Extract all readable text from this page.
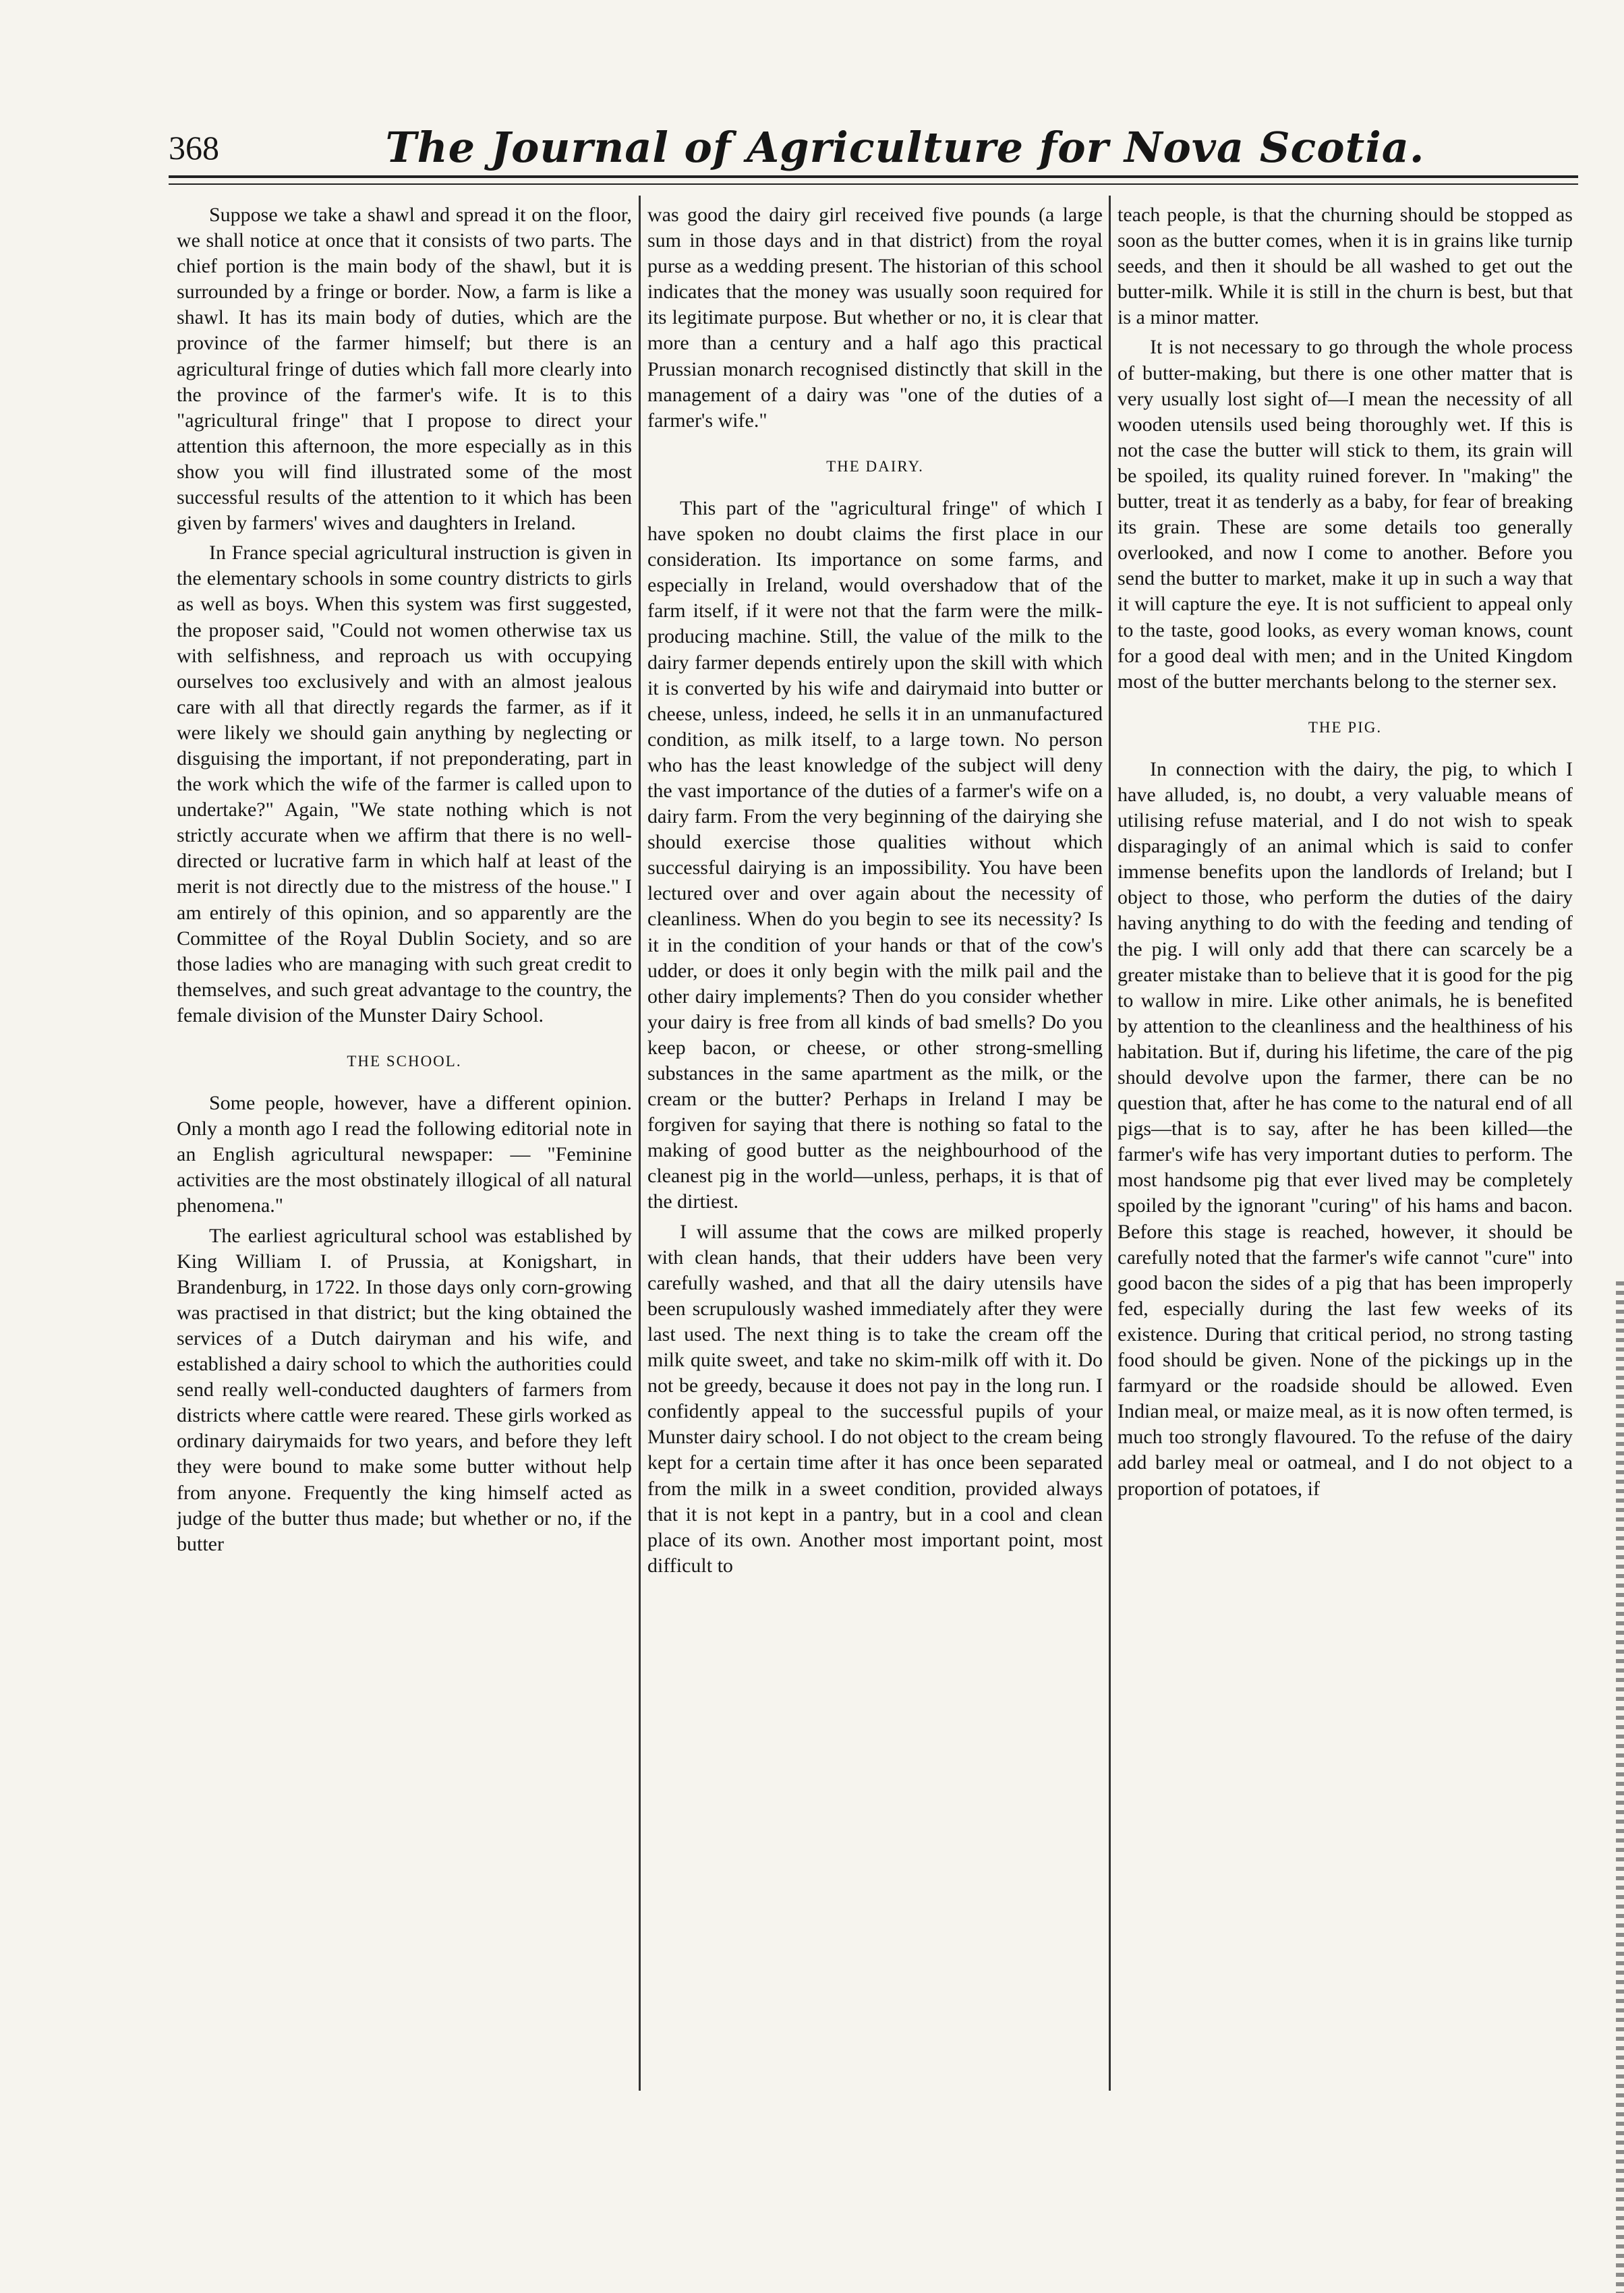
368	The Journal of Agriculture for Nova Scotia.

Suppose we take a shawl and spread it on the floor, we shall notice at once that it consists of two parts. The chief portion is the main body of the shawl, but it is surrounded by a fringe or border. Now, a farm is like a shawl. It has its main body of duties, which are the province of the farmer himself; but there is an agricultural fringe of duties which fall more clearly into the province of the farmer's wife. It is to this "agricultural fringe" that I propose to direct your attention this afternoon, the more especially as in this show you will find illustrated some of the most successful results of the attention to it which has been given by farmers' wives and daughters in Ireland.

In France special agricultural instruction is given in the elementary schools in some country districts to girls as well as boys. When this system was first suggested, the proposer said, "Could not women otherwise tax us with selfishness, and reproach us with occupying ourselves too exclusively and with an almost jealous care with all that directly regards the farmer, as if it were likely we should gain anything by neglecting or disguising the important, if not preponderating, part in the work which the wife of the farmer is called upon to undertake?" Again, "We state nothing which is not strictly accurate when we affirm that there is no well-directed or lucrative farm in which half at least of the merit is not directly due to the mistress of the house." I am entirely of this opinion, and so apparently are the Committee of the Royal Dublin Society, and so are those ladies who are managing with such great credit to themselves, and such great advantage to the country, the female division of the Munster Dairy School.

THE SCHOOL.

Some people, however, have a different opinion. Only a month ago I read the following editorial note in an English agricultural newspaper: — "Feminine activities are the most obstinately illogical of all natural phenomena."

The earliest agricultural school was established by King William I. of Prussia, at Konigshart, in Brandenburg, in 1722. In those days only corn-growing was practised in that district; but the king obtained the services of a Dutch dairyman and his wife, and established a dairy school to which the authorities could send really well-conducted daughters of farmers from districts where cattle were reared. These girls worked as ordinary dairymaids for two years, and before they left they were bound to make some butter without help from anyone. Frequently the king himself acted as judge of the butter thus made; but whether or no, if the butter

was good the dairy girl received five pounds (a large sum in those days and in that district) from the royal purse as a wedding present. The historian of this school indicates that the money was usually soon required for its legitimate purpose. But whether or no, it is clear that more than a century and a half ago this practical Prussian monarch recognised distinctly that skill in the management of a dairy was "one of the duties of a farmer's wife."

THE DAIRY.

This part of the "agricultural fringe" of which I have spoken no doubt claims the first place in our consideration. Its importance on some farms, and especially in Ireland, would overshadow that of the farm itself, if it were not that the farm were the milk-producing machine. Still, the value of the milk to the dairy farmer depends entirely upon the skill with which it is converted by his wife and dairymaid into butter or cheese, unless, indeed, he sells it in an unmanufactured condition, as milk itself, to a large town. No person who has the least knowledge of the subject will deny the vast importance of the duties of a farmer's wife on a dairy farm. From the very beginning of the dairying she should exercise those qualities without which successful dairying is an impossibility. You have been lectured over and over again about the necessity of cleanliness. When do you begin to see its necessity? Is it in the condition of your hands or that of the cow's udder, or does it only begin with the milk pail and the other dairy implements? Then do you consider whether your dairy is free from all kinds of bad smells? Do you keep bacon, or cheese, or other strong-smelling substances in the same apartment as the milk, or the cream or the butter? Perhaps in Ireland I may be forgiven for saying that there is nothing so fatal to the making of good butter as the neighbourhood of the cleanest pig in the world—unless, perhaps, it is that of the dirtiest.

I will assume that the cows are milked properly with clean hands, that their udders have been very carefully washed, and that all the dairy utensils have been scrupulously washed immediately after they were last used. The next thing is to take the cream off the milk quite sweet, and take no skim-milk off with it. Do not be greedy, because it does not pay in the long run. I confidently appeal to the successful pupils of your Munster dairy school. I do not object to the cream being kept for a certain time after it has once been separated from the milk in a sweet condition, provided always that it is not kept in a pantry, but in a cool and clean place of its own. Another most important point, most difficult to

teach people, is that the churning should be stopped as soon as the butter comes, when it is in grains like turnip seeds, and then it should be all washed to get out the butter-milk. While it is still in the churn is best, but that is a minor matter.

It is not necessary to go through the whole process of butter-making, but there is one other matter that is very usually lost sight of—I mean the necessity of all wooden utensils used being thoroughly wet. If this is not the case the butter will stick to them, its grain will be spoiled, its quality ruined forever. In "making" the butter, treat it as tenderly as a baby, for fear of breaking its grain. These are some details too generally overlooked, and now I come to another. Before you send the butter to market, make it up in such a way that it will capture the eye. It is not sufficient to appeal only to the taste, good looks, as every woman knows, count for a good deal with men; and in the United Kingdom most of the butter merchants belong to the sterner sex.

THE PIG.

In connection with the dairy, the pig, to which I have alluded, is, no doubt, a very valuable means of utilising refuse material, and I do not wish to speak disparagingly of an animal which is said to confer immense benefits upon the landlords of Ireland; but I object to those, who perform the duties of the dairy having anything to do with the feeding and tending of the pig. I will only add that there can scarcely be a greater mistake than to believe that it is good for the pig to wallow in mire. Like other animals, he is benefited by attention to the cleanliness and the healthiness of his habitation. But if, during his lifetime, the care of the pig should devolve upon the farmer, there can be no question that, after he has come to the natural end of all pigs—that is to say, after he has been killed—the farmer's wife has very important duties to perform. The most handsome pig that ever lived may be completely spoiled by the ignorant "curing" of his hams and bacon. Before this stage is reached, however, it should be carefully noted that the farmer's wife cannot "cure" into good bacon the sides of a pig that has been improperly fed, especially during the last few weeks of its existence. During that critical period, no strong tasting food should be given. None of the pickings up in the farmyard or the roadside should be allowed. Even Indian meal, or maize meal, as it is now often termed, is much too strongly flavoured. To the refuse of the dairy add barley meal or oatmeal, and I do not object to a proportion of potatoes, if
